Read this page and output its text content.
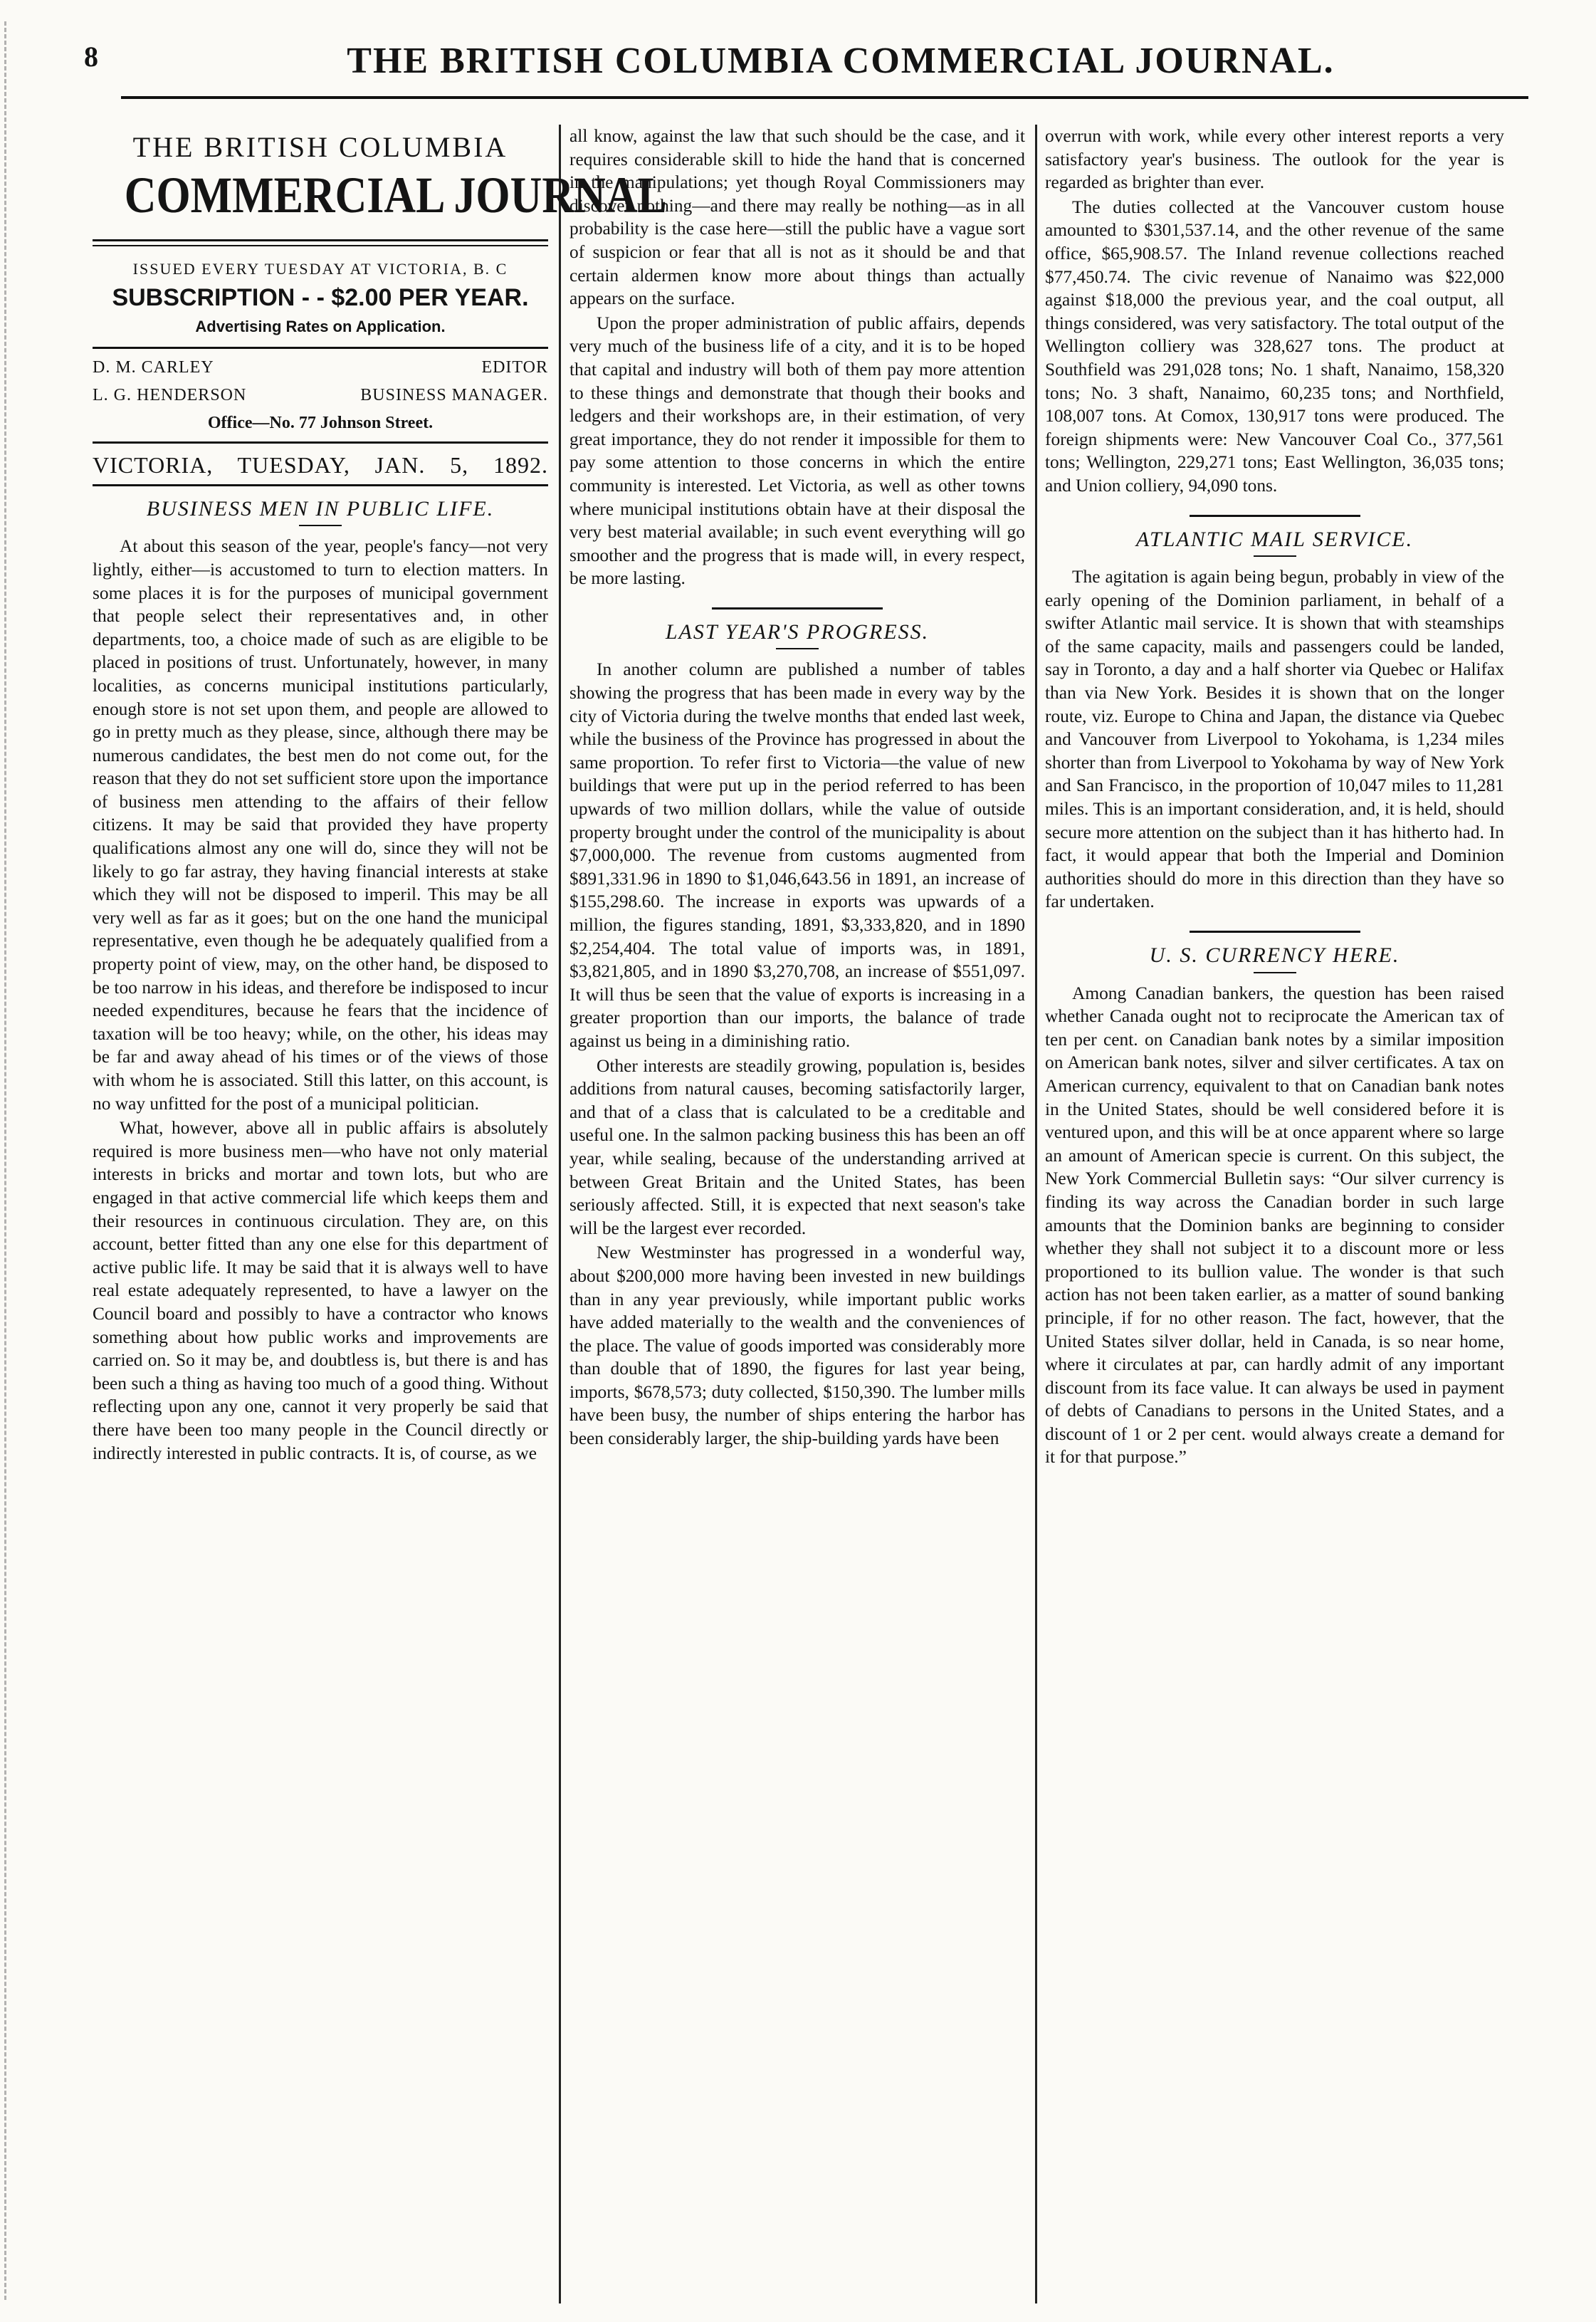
8	THE BRITISH COLUMBIA COMMERCIAL JOURNAL.
THE BRITISH COLUMBIA
COMMERCIAL JOURNAL
ISSUED EVERY TUESDAY AT VICTORIA, B. C
SUBSCRIPTION - - $2.00 PER YEAR.
Advertising Rates on Application.
D. M. CARLEY	EDITOR
L. G. HENDERSON	BUSINESS MANAGER.
Office—No. 77 Johnson Street.
VICTORIA, TUESDAY, JAN. 5, 1892.
BUSINESS MEN IN PUBLIC LIFE.

At about this season of the year, people's fancy—not very lightly, either—is accustomed to turn to election matters. In some places it is for the purposes of municipal government that people select their representatives and, in other departments, too, a choice made of such as are eligible to be placed in positions of trust. Unfortunately, however, in many localities, as concerns municipal institutions particularly, enough store is not set upon them, and people are allowed to go in pretty much as they please, since, although there may be numerous candidates, the best men do not come out, for the reason that they do not set sufficient store upon the importance of business men attending to the affairs of their fellow citizens. It may be said that provided they have property qualifications almost any one will do, since they will not be likely to go far astray, they having financial interests at stake which they will not be disposed to imperil. This may be all very well as far as it goes; but on the one hand the municipal representative, even though he be adequately qualified from a property point of view, may, on the other hand, be disposed to be too narrow in his ideas, and therefore be indisposed to incur needed expenditures, because he fears that the incidence of taxation will be too heavy; while, on the other, his ideas may be far and away ahead of his times or of the views of those with whom he is associated. Still this latter, on this account, is no way unfitted for the post of a municipal politician.

What, however, above all in public affairs is absolutely required is more business men—who have not only material interests in bricks and mortar and town lots, but who are engaged in that active commercial life which keeps them and their resources in continuous circulation. They are, on this account, better fitted than any one else for this department of active public life. It may be said that it is always well to have real estate adequately represented, to have a lawyer on the Council board and possibly to have a contractor who knows something about how public works and improvements are carried on. So it may be, and doubtless is, but there is and has been such a thing as having too much of a good thing. Without reflecting upon any one, cannot it very properly be said that there have been too many people in the Council directly or indirectly interested in public contracts. It is, of course, as we

all know, against the law that such should be the case, and it requires considerable skill to hide the hand that is concerned in the manipulations; yet though Royal Commissioners may discover nothing—and there may really be nothing—as in all probability is the case here—still the public have a vague sort of suspicion or fear that all is not as it should be and that certain aldermen know more about things than actually appears on the surface.

Upon the proper administration of public affairs, depends very much of the business life of a city, and it is to be hoped that capital and industry will both of them pay more attention to these things and demonstrate that though their books and ledgers and their workshops are, in their estimation, of very great importance, they do not render it impossible for them to pay some attention to those concerns in which the entire community is interested. Let Victoria, as well as other towns where municipal institutions obtain have at their disposal the very best material available; in such event everything will go smoother and the progress that is made will, in every respect, be more lasting.

LAST YEAR'S PROGRESS.

In another column are published a number of tables showing the progress that has been made in every way by the city of Victoria during the twelve months that ended last week, while the business of the Province has progressed in about the same proportion. To refer first to Victoria—the value of new buildings that were put up in the period referred to has been upwards of two million dollars, while the value of outside property brought under the control of the municipality is about $7,000,000. The revenue from customs augmented from $891,331.96 in 1890 to $1,046,643.56 in 1891, an increase of $155,298.60. The increase in exports was upwards of a million, the figures standing, 1891, $3,333,820, and in 1890 $2,254,404. The total value of imports was, in 1891, $3,821,805, and in 1890 $3,270,708, an increase of $551,097. It will thus be seen that the value of exports is increasing in a greater proportion than our imports, the balance of trade against us being in a diminishing ratio.

Other interests are steadily growing, population is, besides additions from natural causes, becoming satisfactorily larger, and that of a class that is calculated to be a creditable and useful one. In the salmon packing business this has been an off year, while sealing, because of the understanding arrived at between Great Britain and the United States, has been seriously affected. Still, it is expected that next season's take will be the largest ever recorded.

New Westminster has progressed in a wonderful way, about $200,000 more having been invested in new buildings than in any year previously, while important public works have added materially to the wealth and the conveniences of the place. The value of goods imported was considerably more than double that of 1890, the figures for last year being, imports, $678,573; duty collected, $150,390. The lumber mills have been busy, the number of ships entering the harbor has been considerably larger, the ship-building yards have been

overrun with work, while every other interest reports a very satisfactory year's business. The outlook for the year is regarded as brighter than ever.

The duties collected at the Vancouver custom house amounted to $301,537.14, and the other revenue of the same office, $65,908.57. The Inland revenue collections reached $77,450.74. The civic revenue of Nanaimo was $22,000 against $18,000 the previous year, and the coal output, all things considered, was very satisfactory. The total output of the Wellington colliery was 328,627 tons. The product at Southfield was 291,028 tons; No. 1 shaft, Nanaimo, 158,320 tons; No. 3 shaft, Nanaimo, 60,235 tons; and Northfield, 108,007 tons. At Comox, 130,917 tons were produced. The foreign shipments were: New Vancouver Coal Co., 377,561 tons; Wellington, 229,271 tons; East Wellington, 36,035 tons; and Union colliery, 94,090 tons.

ATLANTIC MAIL SERVICE.

The agitation is again being begun, probably in view of the early opening of the Dominion parliament, in behalf of a swifter Atlantic mail service. It is shown that with steamships of the same capacity, mails and passengers could be landed, say in Toronto, a day and a half shorter via Quebec or Halifax than via New York. Besides it is shown that on the longer route, viz. Europe to China and Japan, the distance via Quebec and Vancouver from Liverpool to Yokohama, is 1,234 miles shorter than from Liverpool to Yokohama by way of New York and San Francisco, in the proportion of 10,047 miles to 11,281 miles. This is an important consideration, and, it is held, should secure more attention on the subject than it has hitherto had. In fact, it would appear that both the Imperial and Dominion authorities should do more in this direction than they have so far undertaken.

U. S. CURRENCY HERE.

Among Canadian bankers, the question has been raised whether Canada ought not to reciprocate the American tax of ten per cent. on Canadian bank notes by a similar imposition on American bank notes, silver and silver certificates. A tax on American currency, equivalent to that on Canadian bank notes in the United States, should be well considered before it is ventured upon, and this will be at once apparent where so large an amount of American specie is current. On this subject, the New York Commercial Bulletin says: “Our silver currency is finding its way across the Canadian border in such large amounts that the Dominion banks are beginning to consider whether they shall not subject it to a discount more or less proportioned to its bullion value. The wonder is that such action has not been taken earlier, as a matter of sound banking principle, if for no other reason. The fact, however, that the United States silver dollar, held in Canada, is so near home, where it circulates at par, can hardly admit of any important discount from its face value. It can always be used in payment of debts of Canadians to persons in the United States, and a discount of 1 or 2 per cent. would always create a demand for it for that purpose.”
